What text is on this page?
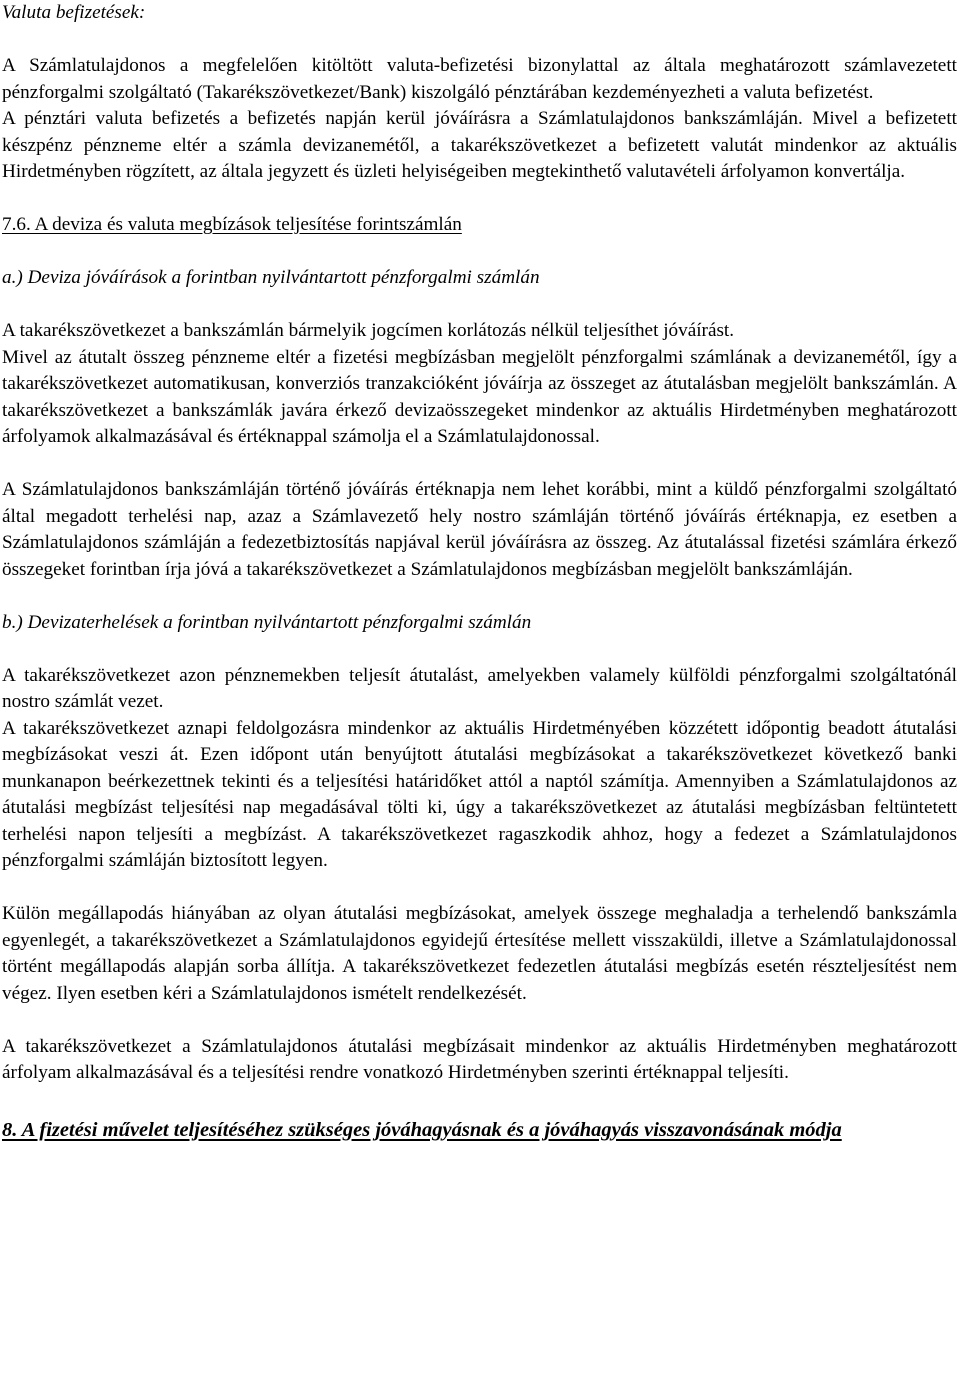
Valuta befizetések:

A Számlatulajdonos a megfelelően kitöltött valuta-befizetési bizonylattal az általa meghatározott számlavezetett pénzforgalmi szolgáltató (Takarékszövetkezet/Bank) kiszolgáló pénztárában kezdeményezheti a valuta befizetést.

A pénztári valuta befizetés a befizetés napján kerül jóváírásra a Számlatulajdonos bankszámláján. Mivel a befizetett készpénz pénzneme eltér a számla devizanemétől, a takarékszövetkezet a befizetett valutát mindenkor az aktuális Hirdetményben rögzített, az általa jegyzett és üzleti helyiségeiben megtekinthető valutavételi árfolyamon konvertálja.

7.6. A deviza és valuta megbízások teljesítése forintszámlán

a.) Deviza jóváírások a forintban nyilvántartott pénzforgalmi számlán

A takarékszövetkezet a bankszámlán bármelyik jogcímen korlátozás nélkül teljesíthet jóváírást.

Mivel az átutalt összeg pénzneme eltér a fizetési megbízásban megjelölt pénzforgalmi számlának a devizanemétől, így a takarékszövetkezet automatikusan, konverziós tranzakcióként jóváírja az összeget az átutalásban megjelölt bankszámlán. A takarékszövetkezet a bankszámlák javára érkező devizaösszegeket mindenkor az aktuális Hirdetményben meghatározott árfolyamok alkalmazásával és értéknappal számolja el a Számlatulajdonossal.

A Számlatulajdonos bankszámláján történő jóváírás értéknapja nem lehet korábbi, mint a küldő pénzforgalmi szolgáltató által megadott terhelési nap, azaz a Számlavezető hely nostro számláján történő jóváírás értéknapja, ez esetben a Számlatulajdonos számláján a fedezetbiztosítás napjával kerül jóváírásra az összeg. Az átutalással fizetési számlára érkező összegeket forintban írja jóvá a takarékszövetkezet a Számlatulajdonos megbízásban megjelölt bankszámláján.

b.) Devizaterhelések a forintban nyilvántartott pénzforgalmi számlán

A takarékszövetkezet azon pénznemekben teljesít átutalást, amelyekben valamely külföldi pénzforgalmi szolgáltatónál nostro számlát vezet.

A takarékszövetkezet aznapi feldolgozásra mindenkor az aktuális Hirdetményében közzétett időpontig beadott átutalási megbízásokat veszi át. Ezen időpont után benyújtott átutalási megbízásokat a takarékszövetkezet következő banki munkanapon beérkezettnek tekinti és a teljesítési határidőket attól a naptól számítja. Amennyiben a Számlatulajdonos az átutalási megbízást teljesítési nap megadásával tölti ki, úgy a takarékszövetkezet az átutalási megbízásban feltüntetett terhelési napon teljesíti a megbízást. A takarékszövetkezet ragaszkodik ahhoz, hogy a fedezet a Számlatulajdonos pénzforgalmi számláján biztosított legyen.

Külön megállapodás hiányában az olyan átutalási megbízásokat, amelyek összege meghaladja a terhelendő bankszámla egyenlegét, a takarékszövetkezet a Számlatulajdonos egyidejű értesítése mellett visszaküldi, illetve a Számlatulajdonossal történt megállapodás alapján sorba állítja. A takarékszövetkezet fedezetlen átutalási megbízás esetén részteljesítést nem végez. Ilyen esetben kéri a Számlatulajdonos ismételt rendelkezését.

A takarékszövetkezet a Számlatulajdonos átutalási megbízásait mindenkor az aktuális Hirdetményben meghatározott árfolyam alkalmazásával és a teljesítési rendre vonatkozó Hirdetményben szerinti értéknappal teljesíti.

8. A fizetési művelet teljesítéséhez szükséges jóváhagyásnak és a jóváhagyás visszavonásának módja
